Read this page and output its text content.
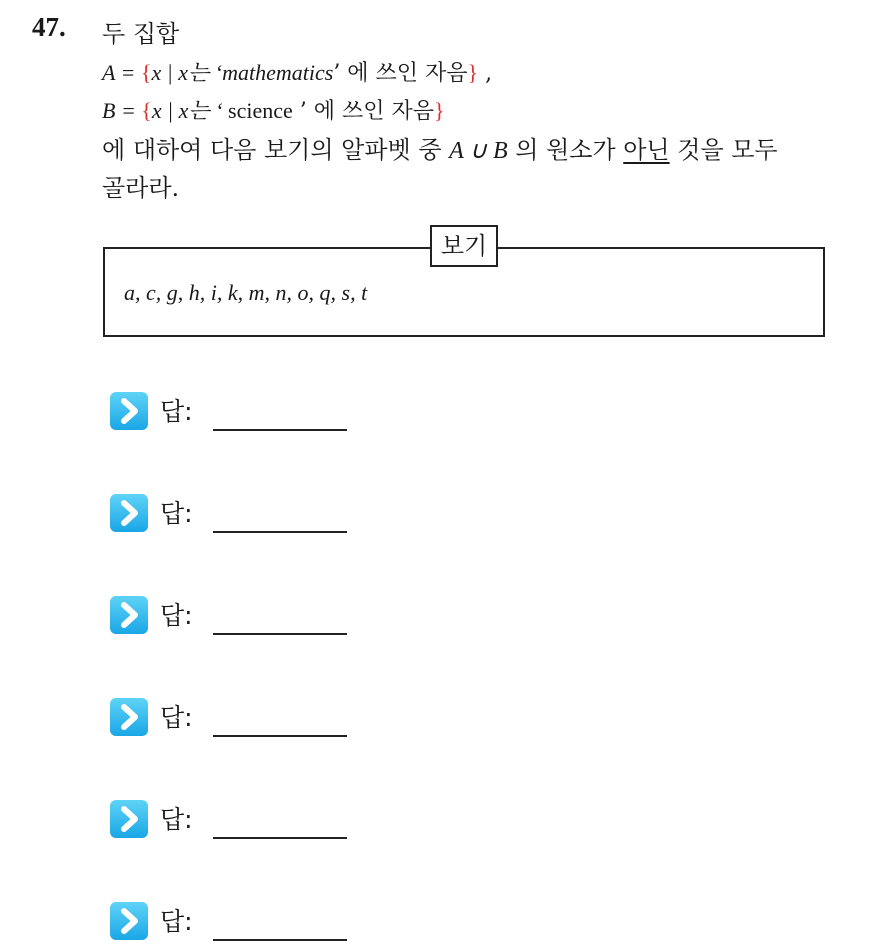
47. 두 집합
A = {x | x는 ‘mathematics’ 에 쓰인 자음} ,
B = {x | x는 ‘ science ’ 에 쓰인 자음}
에 대하여 다음 보기의 알파벳 중 A ∪ B 의 원소가 아닌 것을 모두
골라라.
보기
a, c, g, h, i, k, m, n, o, q, s, t
답:
답:
답:
답:
답:
답:
